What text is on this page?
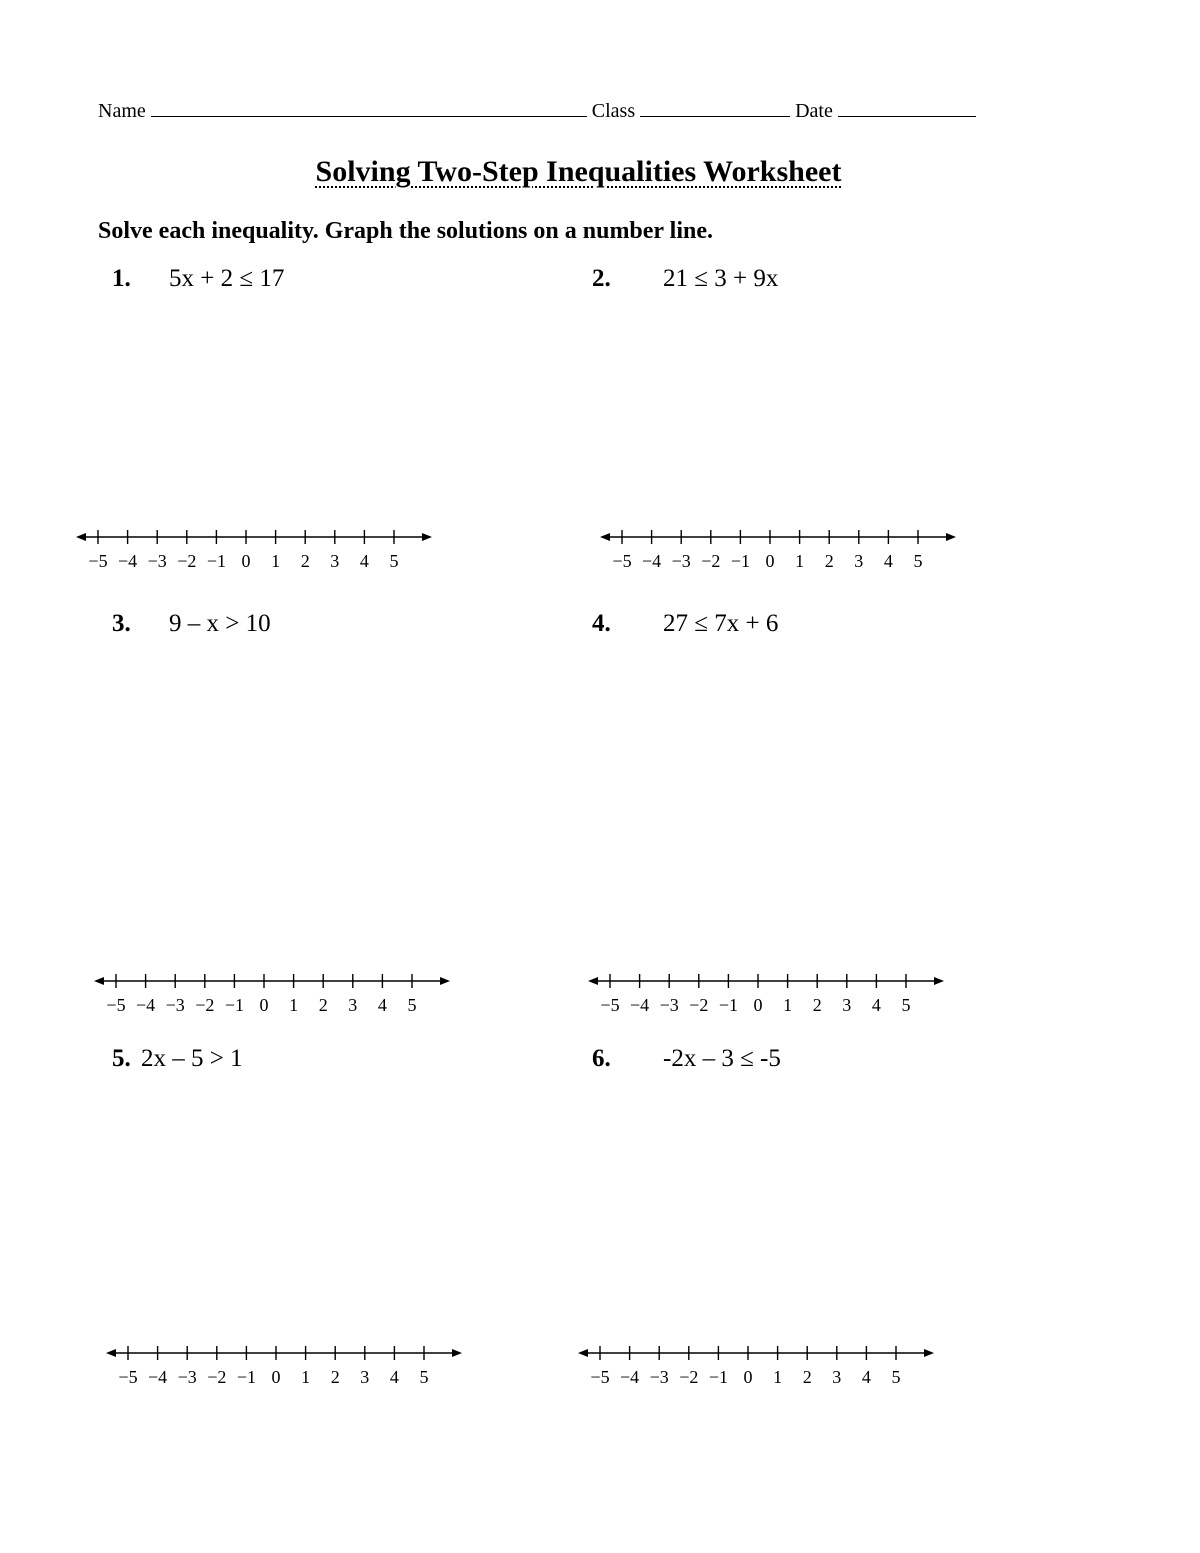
Name	Class	Date
Solving Two-Step Inequalities Worksheet
Solve each inequality. Graph the solutions on a number line.
1. 5x + 2 ≤ 17	2. 21 ≤ 3 + 9x
3. 9 – x > 10	4. 27 ≤ 7x + 6
5. 2x – 5 > 1	6. -2x – 3 ≤ -5
−5 −4 −3 −2 −1 0 1 2 3 4 5	−5 −4 −3 −2 −1 0 1 2 3 4 5
−5 −4 −3 −2 −1 0 1 2 3 4 5	−5 −4 −3 −2 −1 0 1 2 3 4 5
−5 −4 −3 −2 −1 0 1 2 3 4 5	−5 −4 −3 −2 −1 0 1 2 3 4 5
